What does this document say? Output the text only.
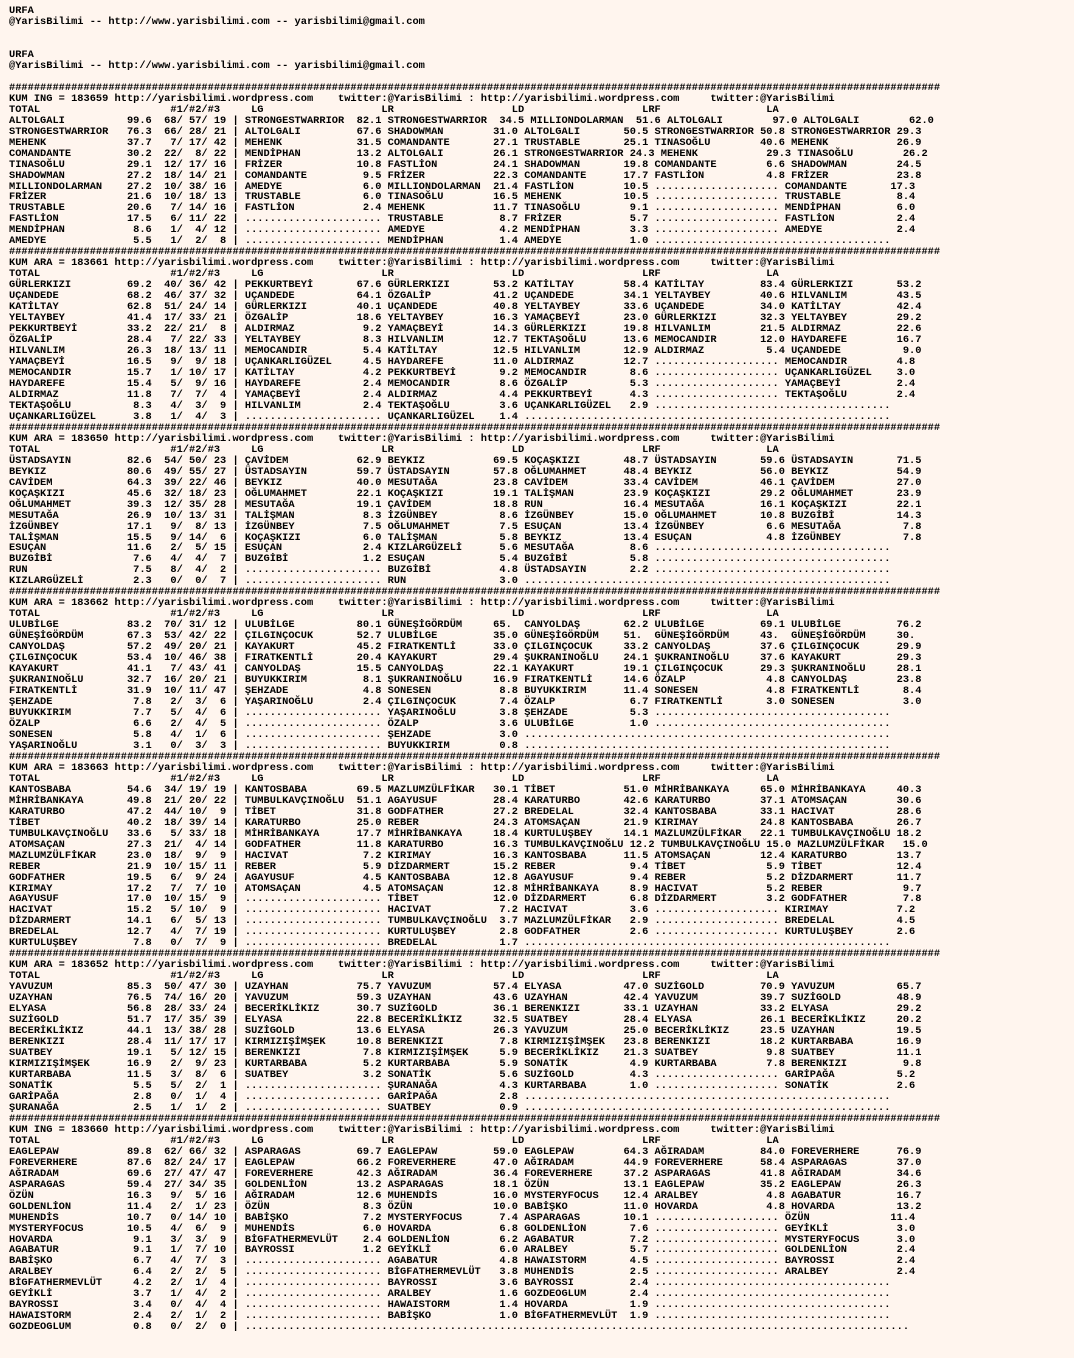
URFA
@YarisBilimi -- http://www.yarisbilimi.com -- yarisbilimi@gmail.com

URFA
@YarisBilimi -- http://www.yarisbilimi.com -- yarisbilimi@gmail.com

######################################################################################################################################################
KUM ING = 183659 http://yarisbilimi.wordpress.com    twitter:@YarisBilimi : http://yarisbilimi.wordpress.com     twitter:@YarisBilimi
TOTAL                     #1/#2/#3     LG                   LR                   LD                   LRF                 LA
ALTOLGALI          99.6  68/ 57/ 19 | STRONGESTWARRIOR  82.1 STRONGESTWARRIOR  34.5 MILLIONDOLARMAN  51.6 ALTOLGALI        97.0 ALTOLGALI        62.0
STRONGESTWARRIOR   76.3  66/ 28/ 21 | ALTOLGALI         67.6 SHADOWMAN        31.0 ALTOLGALI       50.5 STRONGESTWARRIOR 50.8 STRONGESTWARRIOR 29.3
MEHENK             37.7   7/ 17/ 42 | MEHENK            31.5 COMANDANTE       27.1 TRUSTABLE       25.1 TINASOĞLU        40.6 MEHENK           26.9
COMANDANTE         30.2  22/  8/ 22 | MENDİPHAN         13.2 ALTOLGALI        26.1 STRONGESTWARRIOR 24.3 MEHENK           29.3 TINASOĞLU        26.2
TINASOĞLU          29.1  12/ 17/ 16 | FRİZER            10.8 FASTLİON         24.1 SHADOWMAN       19.8 COMANDANTE        6.6 SHADOWMAN        24.5
SHADOWMAN          27.2  18/ 14/ 21 | COMANDANTE         9.5 FRİZER           22.3 COMANDANTE      17.7 FASTLİON          4.8 FRİZER           23.8
MILLIONDOLARMAN    27.2  10/ 38/ 16 | AMEDYE             6.0 MILLIONDOLARMAN  21.4 FASTLİON        10.5 .................... COMANDANTE       17.3
FRİZER             21.6  10/ 18/ 13 | TRUSTABLE          6.0 TINASOĞLU        16.5 MEHENK          10.5 .................... TRUSTABLE         8.4
TRUSTABLE          20.6   7/ 14/ 16 | FASTLİON           2.4 MEHENK           11.7 TINASOĞLU        9.1 .................... MENDİPHAN         6.0
FASTLİON           17.5   6/ 11/ 22 | ...................... TRUSTABLE         8.7 FRİZER           5.7 .................... FASTLİON          2.4
MENDİPHAN           8.6   1/  4/ 12 | ...................... AMEDYE            4.2 MENDİPHAN        3.3 .................... AMEDYE            2.4
AMEDYE              5.5   1/  2/  8 | ...................... MENDİPHAN         1.4 AMEDYE           1.0 ......................................
######################################################################################################################################################
KUM ARA = 183661 http://yarisbilimi.wordpress.com    twitter:@YarisBilimi : http://yarisbilimi.wordpress.com     twitter:@YarisBilimi
TOTAL                     #1/#2/#3     LG                   LR                   LD                   LRF                 LA
GÜRLERKIZI         69.2  40/ 36/ 42 | PEKKURTBEYİ       67.6 GÜRLERKIZI       53.2 KATİLTAY        58.4 KATİLTAY         83.4 GÜRLERKIZI       53.2
UÇANDEDE           68.2  46/ 37/ 32 | UÇANDEDE          64.1 ÖZGALİP          41.2 UÇANDEDE        34.1 YELTAYBEY        40.6 HILVANLIM        43.5
KATİLTAY           62.8  51/ 24/ 14 | GÜRLERKIZI        40.1 UÇANDEDE         40.8 YELTAYBEY       33.6 UÇANDEDE         34.0 KATİLTAY         42.4
YELTAYBEY          41.4  17/ 33/ 21 | ÖZGALİP           18.6 YELTAYBEY        16.3 YAMAÇBEYİ       23.0 GÜRLERKIZI       32.3 YELTAYBEY        29.2
PEKKURTBEYİ        33.2  22/ 21/  8 | ALDIRMAZ           9.2 YAMAÇBEYİ        14.3 GÜRLERKIZI      19.8 HILVANLIM        21.5 ALDIRMAZ         22.6
ÖZGALİP            28.4   7/ 22/ 33 | YELTAYBEY          8.3 HILVANLIM        12.7 TEKTAŞOĞLU      13.6 MEMOCANDIR       12.0 HAYDAREFE        16.7
HILVANLIM          26.3  18/ 13/ 11 | MEMOCANDIR         5.4 KATİLTAY         12.5 HILVANLIM       12.9 ALDIRMAZ          5.4 UÇANDEDE          9.0
YAMAÇBEYİ          16.5   9/  9/ 18 | UÇANKARLIGÜZEL     4.5 HAYDAREFE        11.0 ALDIRMAZ        12.7 .................... MEMOCANDIR        4.8
MEMOCANDIR         15.7   1/ 10/ 17 | KATİLTAY           4.2 PEKKURTBEYİ       9.2 MEMOCANDIR       8.6 .................... UÇANKARLIGÜZEL    3.0
HAYDAREFE          15.4   5/  9/ 16 | HAYDAREFE          2.4 MEMOCANDIR        8.6 ÖZGALİP          5.3 .................... YAMAÇBEYİ         2.4
ALDIRMAZ           11.8   7/  7/  4 | YAMAÇBEYİ          2.4 ALDIRMAZ          4.4 PEKKURTBEYİ      4.3 .................... TEKTAŞOĞLU        2.4
TEKTAŞOĞLU          8.3   4/  3/  9 | HILVANLIM          2.4 TEKTAŞOĞLU        3.6 UÇANKARLIGÜZEL   2.9 ......................................
UÇANKARLIGÜZEL      3.8   1/  4/  3 | ...................... UÇANKARLIGÜZEL    1.4 ...........................................................
######################################################################################################################################################
KUM ARA = 183650 http://yarisbilimi.wordpress.com    twitter:@YarisBilimi : http://yarisbilimi.wordpress.com     twitter:@YarisBilimi
TOTAL                     #1/#2/#3     LG                   LR                   LD                   LRF                 LA
ÜSTADSAYIN         82.6  54/ 50/ 23 | ÇAVİDEM           62.9 BEYKIZ           69.5 KOÇAŞKIZI       48.7 ÜSTADSAYIN       59.6 ÜSTADSAYIN       71.5
BEYKIZ             80.6  49/ 55/ 27 | ÜSTADSAYIN        59.7 ÜSTADSAYIN       57.8 OĞLUMAHMET      48.4 BEYKIZ           56.0 BEYKIZ           54.9
CAVİDEM            64.3  39/ 22/ 46 | BEYKIZ            40.0 MESUTAĞA         23.8 CAVİDEM         33.4 CAVİDEM          46.1 ÇAVİDEM          27.0
KOÇAŞKIZI          45.6  32/ 18/ 23 | OĞLUMAHMET        22.1 KOÇAŞKIZI        19.1 TALİŞMAN        23.9 KOÇAŞKIZI        29.2 OĞLUMAHMET       23.9
OĞLUMAHMET         39.3  12/ 35/ 28 | MESUTAĞA          19.1 ÇAVİDEM          18.8 RUN             16.4 MESUTAĞA         16.1 KOÇAŞKIZI        22.1
MESUTAĞA           26.9  10/ 13/ 31 | TALİŞMAN           8.3 İZGÜNBEY          8.6 İZGÜNBEY        15.0 OĞLUMAHMET       10.8 BUZGİBİ          14.3
İZGÜNBEY           17.1   9/  8/ 13 | İZGÜNBEY           7.5 OĞLUMAHMET        7.5 ESUÇAN          13.4 İZGÜNBEY          6.6 MESUTAĞA          7.8
TALİŞMAN           15.5   9/ 14/  6 | KOÇAŞKIZI          6.0 TALİŞMAN          5.8 BEYKIZ          13.4 ESUÇAN            4.8 İZGÜNBEY          7.8
ESUÇAN             11.6   2/  5/ 15 | ESUÇAN             2.4 KIZLARGÜZELİ      5.6 MESUTAĞA         8.6 ......................................
BUZGİBİ             7.6   4/  4/  7 | BUZGİBİ            1.2 ESUÇAN            5.4 BUZGİBİ          5.8 ......................................
RUN                 7.5   8/  4/  2 | ...................... BUZGİBİ           4.8 ÜSTADSAYIN       2.2 ......................................
KIZLARGÜZELİ        2.3   0/  0/  7 | ...................... RUN               3.0 ...........................................................
######################################################################################################################################################
KUM ARA = 183662 http://yarisbilimi.wordpress.com    twitter:@YarisBilimi : http://yarisbilimi.wordpress.com     twitter:@YarisBilimi
TOTAL                     #1/#2/#3     LG                   LR                   LD                   LRF                 LA
ULUBİLGE           83.2  70/ 31/ 12 | ULUBİLGE          80.1 GÜNEŞİGÖRDÜM     65.  CANYOLDAŞ       62.2 ULUBİLGE         69.1 ULUBİLGE         76.2
GÜNEŞİGÖRDÜM       67.3  53/ 42/ 22 | ÇILGINÇOCUK       52.7 ULUBİLGE         35.0 GÜNEŞİGÖRDÜM    51.  GÜNEŞİGÖRDÜM     43.  GÜNEŞİGÖRDÜM     30.
CANYOLDAŞ          57.2  49/ 20/ 21 | KAYAKURT          45.2 FIRATKENTLİ      33.0 ÇILGINÇOCUK     33.2 CANYOLDAŞ        37.6 ÇILGINÇOCUK      29.9
ÇILGINÇOCUK        53.4  10/ 46/ 38 | FIRATKENTLİ       20.4 KAYAKURT         29.4 ŞUKRANINOĞLU    24.1 ŞUKRANINOĞLU     37.6 KAYAKURT         29.3
KAYAKURT           41.1   7/ 43/ 41 | CANYOLDAŞ         15.5 CANYOLDAŞ        22.1 KAYAKURT        19.1 ÇILGINÇOCUK      29.3 ŞUKRANINOĞLU     28.1
ŞUKRANINOĞLU       32.7  16/ 20/ 21 | BUYUKKIRIM         8.1 ŞUKRANINOĞLU     16.9 FIRATKENTLİ     14.6 ÖZALP             4.8 CANYOLDAŞ        23.8
FIRATKENTLİ        31.9  10/ 11/ 47 | ŞEHZADE            4.8 SONESEN           8.8 BUYUKKIRIM      11.4 SONESEN           4.8 FIRATKENTLİ       8.4
ŞEHZADE             7.8   2/  3/  6 | YAŞARINOĞLU        2.4 ÇILGINÇOCUK       7.4 ÖZALP            6.7 FIRATKENTLİ       3.0 SONESEN           3.0
BUYUKKIRIM          7.7   5/  4/  6 | ...................... YAŞARINOĞLU       3.8 ŞEHZADE          5.3 ......................................
ÖZALP               6.6   2/  4/  5 | ...................... ÖZALP             3.6 ULUBİLGE         1.0 ......................................
SONESEN             5.8   4/  1/  6 | ...................... ŞEHZADE           3.0 ...........................................................
YAŞARINOĞLU         3.1   0/  3/  3 | ...................... BUYUKKIRIM        0.8 ...........................................................
######################################################################################################################################################
KUM ARA = 183663 http://yarisbilimi.wordpress.com    twitter:@YarisBilimi : http://yarisbilimi.wordpress.com     twitter:@YarisBilimi
TOTAL                     #1/#2/#3     LG                   LR                   LD                   LRF                 LA
KANTOSBABA         54.6  34/ 19/ 19 | KANTOSBABA        69.5 MAZLUMZÜLFİKAR   30.1 TİBET           51.0 MİHRİBANKAYA     65.0 MİHRİBANKAYA     40.3
MİHRİBANKAYA       49.8  21/ 20/ 22 | TUMBULKAVÇINOĞLU  51.1 AGAYUSUF         28.4 KARATURBO       42.6 KARATURBO        37.1 ATOMSAÇAN        30.6
KARATURBO          47.2  44/ 10/  9 | TİBET             31.8 GODFATHER        27.2 BREDELAL        32.4 KANTOSBABA       33.1 HACIVAT          28.6
TİBET              40.2  18/ 39/ 14 | KARATURBO         25.0 REBER            24.3 ATOMSAÇAN       21.9 KIRIMAY          24.8 KANTOSBABA       26.7
TUMBULKAVÇINOĞLU   33.6   5/ 33/ 18 | MİHRİBANKAYA      17.7 MİHRİBANKAYA     18.4 KURTULUŞBEY     14.1 MAZLUMZÜLFİKAR   22.1 TUMBULKAVÇINOĞLU 18.2
ATOMSAÇAN          27.3  21/  4/ 14 | GODFATHER         11.8 KARATURBO        16.3 TUMBULKAVÇINOĞLU 12.2 TUMBULKAVÇINOĞLU 15.0 MAZLUMZÜLFİKAR   15.0
MAZLUMZÜLFİKAR     23.0  18/  9/  9 | HACIVAT            7.2 KIRIMAY          16.3 KANTOSBABA      11.5 ATOMSAÇAN        12.4 KARATURBO        13.7
REBER              21.9  10/ 15/ 11 | REBER              5.9 DİZDARMERT       15.2 REBER            9.4 TİBET             5.9 TİBET            12.4
GODFATHER          19.5   6/  9/ 24 | AGAYUSUF           4.5 KANTOSBABA       12.8 AGAYUSUF         9.4 REBER             5.2 DİZDARMERT       11.7
KIRIMAY            17.2   7/  7/ 10 | ATOMSAÇAN          4.5 ATOMSAÇAN        12.8 MİHRİBANKAYA     8.9 HACIVAT           5.2 REBER             9.7
AGAYUSUF           17.0  10/ 15/  9 | ...................... TİBET            12.0 DİZDARMERT       6.8 DİZDARMERT        3.2 GODFATHER         7.8
HACIVAT            15.2   5/ 10/  9 | ...................... HACIVAT           7.2 HACIVAT          3.6 .................... KIRIMAY           7.2
DİZDARMERT         14.1   6/  5/ 13 | ...................... TUMBULKAVÇINOĞLU  3.7 MAZLUMZÜLFİKAR   2.9 .................... BREDELAL          4.5
BREDELAL           12.7   4/  7/ 19 | ...................... KURTULUŞBEY       2.8 GODFATHER        2.6 .................... KURTULUŞBEY       2.6
KURTULUŞBEY         7.8   0/  7/  9 | ...................... BREDELAL          1.7 ...........................................................
######################################################################################################################################################
KUM ARA = 183652 http://yarisbilimi.wordpress.com    twitter:@YarisBilimi : http://yarisbilimi.wordpress.com     twitter:@YarisBilimi
TOTAL                     #1/#2/#3     LG                   LR                   LD                   LRF                 LA
YAVUZUM            85.3  50/ 47/ 30 | UZAYHAN           75.7 YAVUZUM          57.4 ELYASA          47.0 SUZİGOLD         70.9 YAVUZUM          65.7
UZAYHAN            76.5  74/ 16/ 20 | YAVUZUM           59.3 UZAYHAN          43.6 UZAYHAN         42.4 YAVUZUM          39.7 SUZİGOLD         48.9
ELYASA             56.8  28/ 33/ 24 | BECERİKLİKIZ      30.7 SUZİGOLD         36.1 BERENKIZI       33.1 UZAYHAN          33.2 ELYASA           29.2
SUZİGOLD           51.7  17/ 35/ 39 | ELYASA            22.8 BECERİKLİKIZ     32.5 SUATBEY         28.4 ELYASA           26.1 BECERİKLİKIZ     20.2
BECERİKLİKIZ       44.1  13/ 38/ 28 | SUZİGOLD          13.6 ELYASA           26.3 YAVUZUM         25.0 BECERİKLİKIZ     23.5 UZAYHAN          19.5
BERENKIZI          28.4  11/ 17/ 17 | KIRMIZIŞİMŞEK     10.8 BERENKIZI         7.8 KIRMIZIŞİMŞEK   23.8 BERENKIZI        18.2 KURTARBABA       16.9
SUATBEY            19.1   5/ 12/ 15 | BERENKIZI          7.8 KIRMIZIŞİMŞEK     5.9 BECERİKLİKIZ    21.3 SUATBEY           9.8 SUATBEY          11.1
KIRMIZIŞİMŞEK      16.9   2/  9/ 23 | KURTARBABA         5.2 KURTARBABA        5.9 SONATİK          4.9 KURTARBABA        7.8 BERENKIZI         9.8
KURTARBABA         11.5   3/  8/  6 | SUATBEY            3.2 SONATİK           5.6 SUZİGOLD         4.3 .................... GARİPAĞA          5.2
SONATİK             5.5   5/  2/  1 | ...................... ŞURANAĞA          4.3 KURTARBABA       1.0 .................... SONATİK           2.6
GARİPAĞA            2.8   0/  1/  4 | ...................... GARİPAĞA          2.8 ...........................................................
ŞURANAĞA            2.5   1/  1/  2 | ...................... SUATBEY           0.9 ...........................................................
######################################################################################################################################################
KUM ING = 183660 http://yarisbilimi.wordpress.com    twitter:@YarisBilimi : http://yarisbilimi.wordpress.com     twitter:@YarisBilimi
TOTAL                     #1/#2/#3     LG                   LR                   LD                   LRF                 LA
EAGLEPAW           89.8  62/ 66/ 32 | ASPARAGAS         69.7 EAGLEPAW         59.0 EAGLEPAW        64.3 AĞIRADAM         84.0 FOREVERHERE      76.9
FOREVERHERE        87.6  82/ 24/ 17 | EAGLEPAW          66.2 FOREVERHERE      47.0 AĞIRADAM        44.9 FOREVERHERE      58.4 ASPARAGAS        37.0
AĞIRADAM           69.6  27/ 47/ 47 | FOREVERHERE       42.3 AĞIRADAM         36.4 FOREVERHERE     37.2 ASPARAGAS        41.8 AĞIRADAM         34.6
ASPARAGAS          59.4  27/ 34/ 35 | GOLDENLİON        13.2 ASPARAGAS        18.1 ÖZÜN            13.1 EAGLEPAW         35.2 EAGLEPAW         26.3
ÖZÜN               16.3   9/  5/ 16 | AĞIRADAM          12.6 MUHENDİS         16.0 MYSTERYFOCUS    12.4 ARALBEY           4.8 AGABATUR         16.7
GOLDENLİON         11.4   2/  1/ 23 | ÖZÜN               8.3 ÖZÜN             10.0 BABİŞKO         11.0 HOVARDA           4.8 HOVARDA          13.2
MUHENDİS           10.7   0/ 14/ 10 | BABİŞKO            7.2 MYSTERYFOCUS      7.4 ASPARAGAS       10.1 .................... ÖZÜN             11.4
MYSTERYFOCUS       10.5   4/  6/  9 | MUHENDİS           6.0 HOVARDA           6.8 GOLDENLİON       7.6 .................... GEYİKLİ           3.0
HOVARDA             9.1   3/  3/  9 | BİGFATHERMEVLÜT    2.4 GOLDENLİON        6.2 AGABATUR         7.2 .................... MYSTERYFOCUS      3.0
AGABATUR            9.1   1/  7/ 10 | BAYROSSI           1.2 GEYİKLİ           6.0 ARALBEY          5.7 .................... GOLDENLİON        2.4
BABİŞKO             6.7   4/  7/  3 | ...................... AGABATUR          4.8 HAWAISTORM       4.5 .................... BAYROSSI          2.4
ARALBEY             6.4   2/  2/  5 | ...................... BİGFATHERMEVLÜT   3.8 MUHENDİS         2.5 .................... ARALBEY           2.4
BİGFATHERMEVLÜT     4.2   2/  1/  4 | ...................... BAYROSSI          3.6 BAYROSSI         2.4 ......................................
GEYİKLİ             3.7   1/  4/  2 | ...................... ARALBEY           1.6 GOZDEOGLUM       2.4 ......................................
BAYROSSI            3.4   0/  4/  4 | ...................... HAWAISTORM        1.4 HOVARDA          1.9 ......................................
HAWAISTORM          2.4   2/  1/  2 | ...................... BABİŞKO           1.0 BİGFATHERMEVLÜT  1.9 ......................................
GOZDEOGLUM          0.8   0/  2/  0 | ...........................................................................................................
